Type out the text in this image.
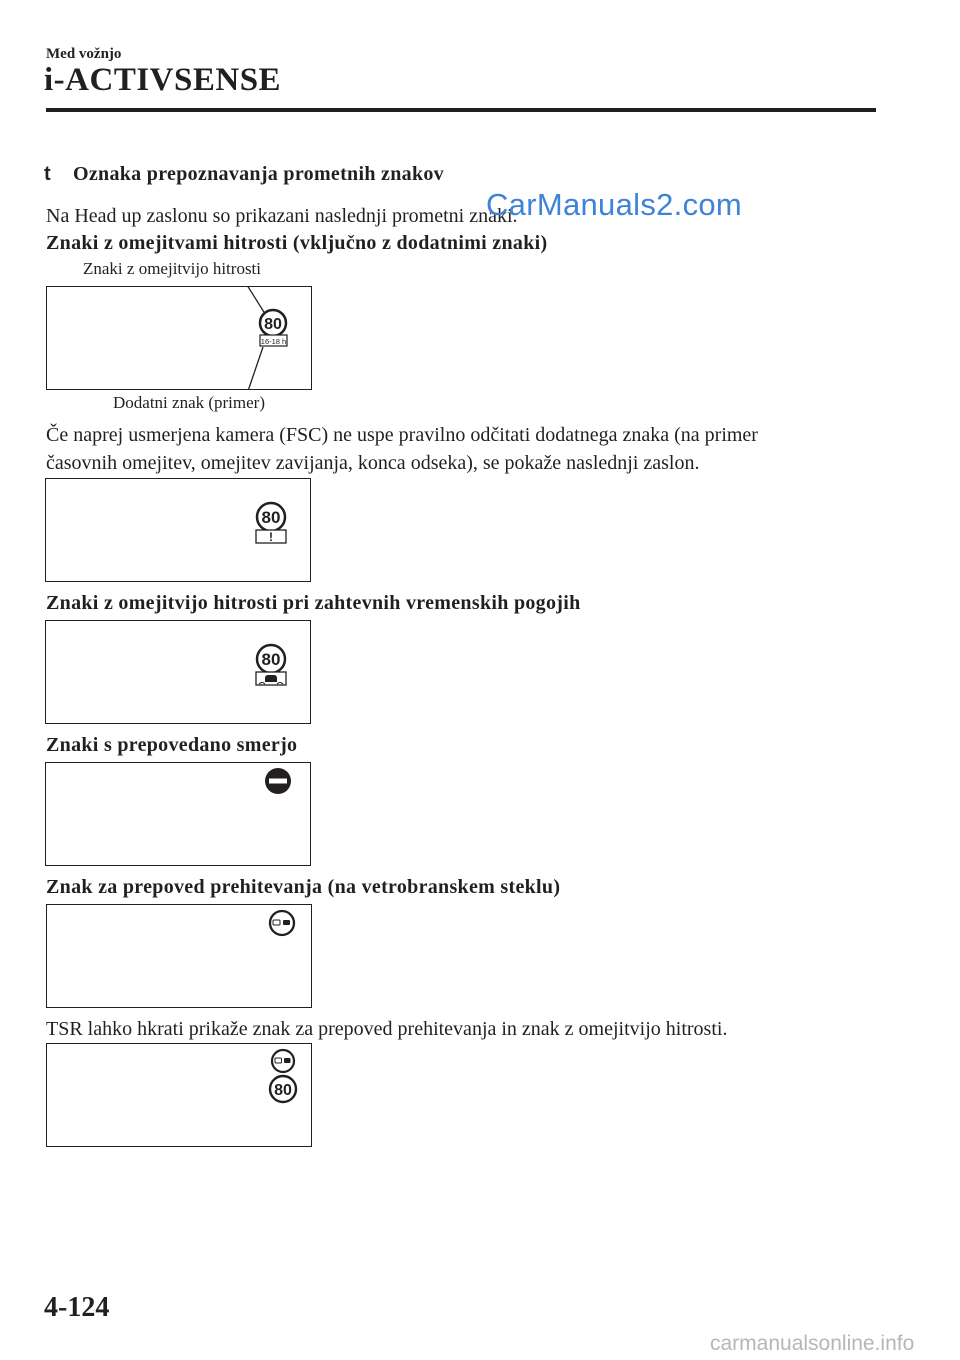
Med vožnjo
i-ACTIVSENSE
t Oznaka prepoznavanja prometnih znakov
Na Head up zaslonu so prikazani naslednji prometni znaki.
CarManuals2.com
Znaki z omejitvami hitrosti (vključno z dodatnimi znaki)
Znaki z omejitvijo hitrosti
80
16-18 h
Dodatni znak (primer)
Če naprej usmerjena kamera (FSC) ne uspe pravilno odčitati dodatnega znaka (na primer
časovnih omejitev, omejitev zavijanja, konca odseka), se pokaže naslednji zaslon.
80
!
Znaki z omejitvijo hitrosti pri zahtevnih vremenskih pogojih
80
Znaki s prepovedano smerjo
Znak za prepoved prehitevanja (na vetrobranskem steklu)
TSR lahko hkrati prikaže znak za prepoved prehitevanja in znak z omejitvijo hitrosti.
80
4-124
carmanualsonline.info
